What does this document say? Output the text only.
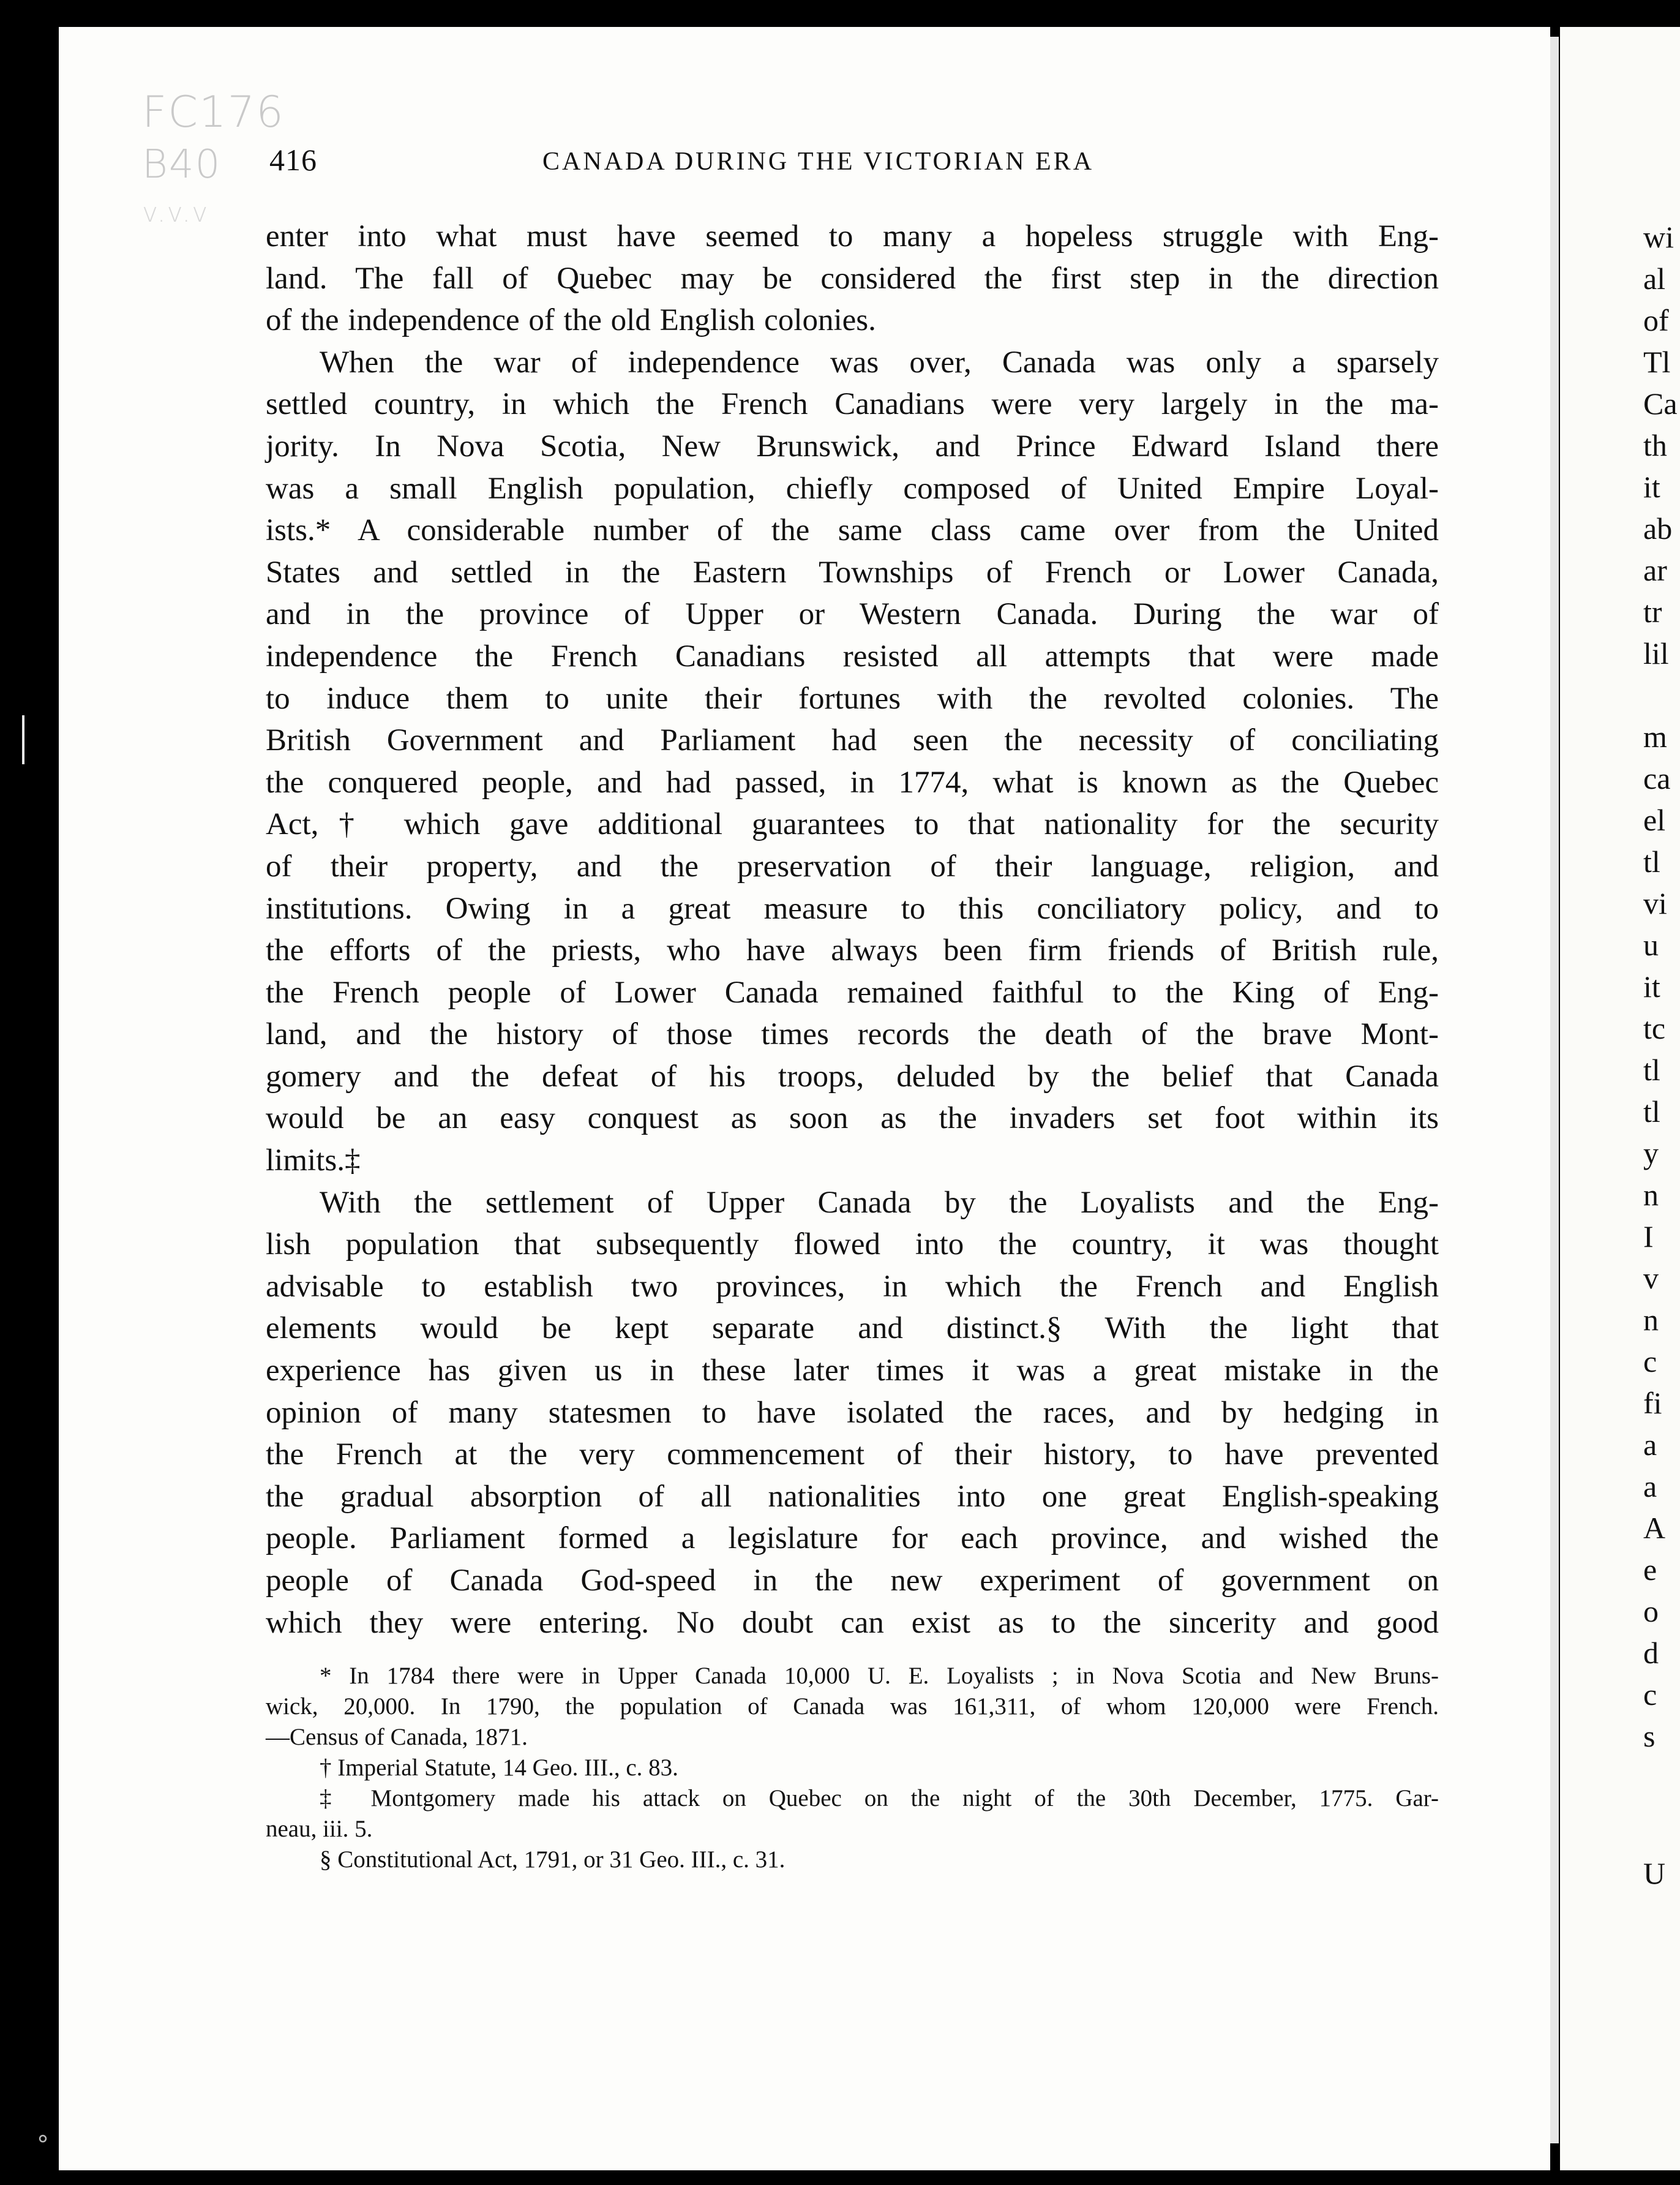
wi
al
of
Tl
Ca
th
it
ab
ar
tr
lil
m
ca
el
tl
vi
u
it
tc
tl
tl
y
n
I
v
n
c
fi
a
a
A
e
o
d
c
s
U
FC176
B40
v.v.v
416	CANADA DURING THE VICTORIAN ERA
enter into what must have seemed to many a hopeless struggle with Eng-
land. The fall of Quebec may be considered the first step in the direction
of the independence of the old English colonies.
When the war of independence was over, Canada was only a sparsely
settled country, in which the French Canadians were very largely in the ma-
jority. In Nova Scotia, New Brunswick, and Prince Edward Island there
was a small English population, chiefly composed of United Empire Loyal-
ists.* A considerable number of the same class came over from the United
States and settled in the Eastern Townships of French or Lower Canada,
and in the province of Upper or Western Canada. During the war of
independence the French Canadians resisted all attempts that were made
to induce them to unite their fortunes with the revolted colonies. The
British Government and Parliament had seen the necessity of conciliating
the conquered people, and had passed, in 1774, what is known as the Quebec
Act,† which gave additional guarantees to that nationality for the security
of their property, and the preservation of their language, religion, and
institutions. Owing in a great measure to this conciliatory policy, and to
the efforts of the priests, who have always been firm friends of British rule,
the French people of Lower Canada remained faithful to the King of Eng-
land, and the history of those times records the death of the brave Mont-
gomery and the defeat of his troops, deluded by the belief that Canada
would be an easy conquest as soon as the invaders set foot within its
limits.‡
With the settlement of Upper Canada by the Loyalists and the Eng-
lish population that subsequently flowed into the country, it was thought
advisable to establish two provinces, in which the French and English
elements would be kept separate and distinct.§ With the light that
experience has given us in these later times it was a great mistake in the
opinion of many statesmen to have isolated the races, and by hedging in
the French at the very commencement of their history, to have prevented
the gradual absorption of all nationalities into one great English-speaking
people. Parliament formed a legislature for each province, and wished the
people of Canada God-speed in the new experiment of government on
which they were entering. No doubt can exist as to the sincerity and good
* In 1784 there were in Upper Canada 10,000 U. E. Loyalists ; in Nova Scotia and New Bruns-
wick, 20,000. In 1790, the population of Canada was 161,311, of whom 120,000 were French.
—Census of Canada, 1871.
† Imperial Statute, 14 Geo. III., c. 83.
‡ Montgomery made his attack on Quebec on the night of the 30th December, 1775. Gar-
neau, iii. 5.
§ Constitutional Act, 1791, or 31 Geo. III., c. 31.
°
